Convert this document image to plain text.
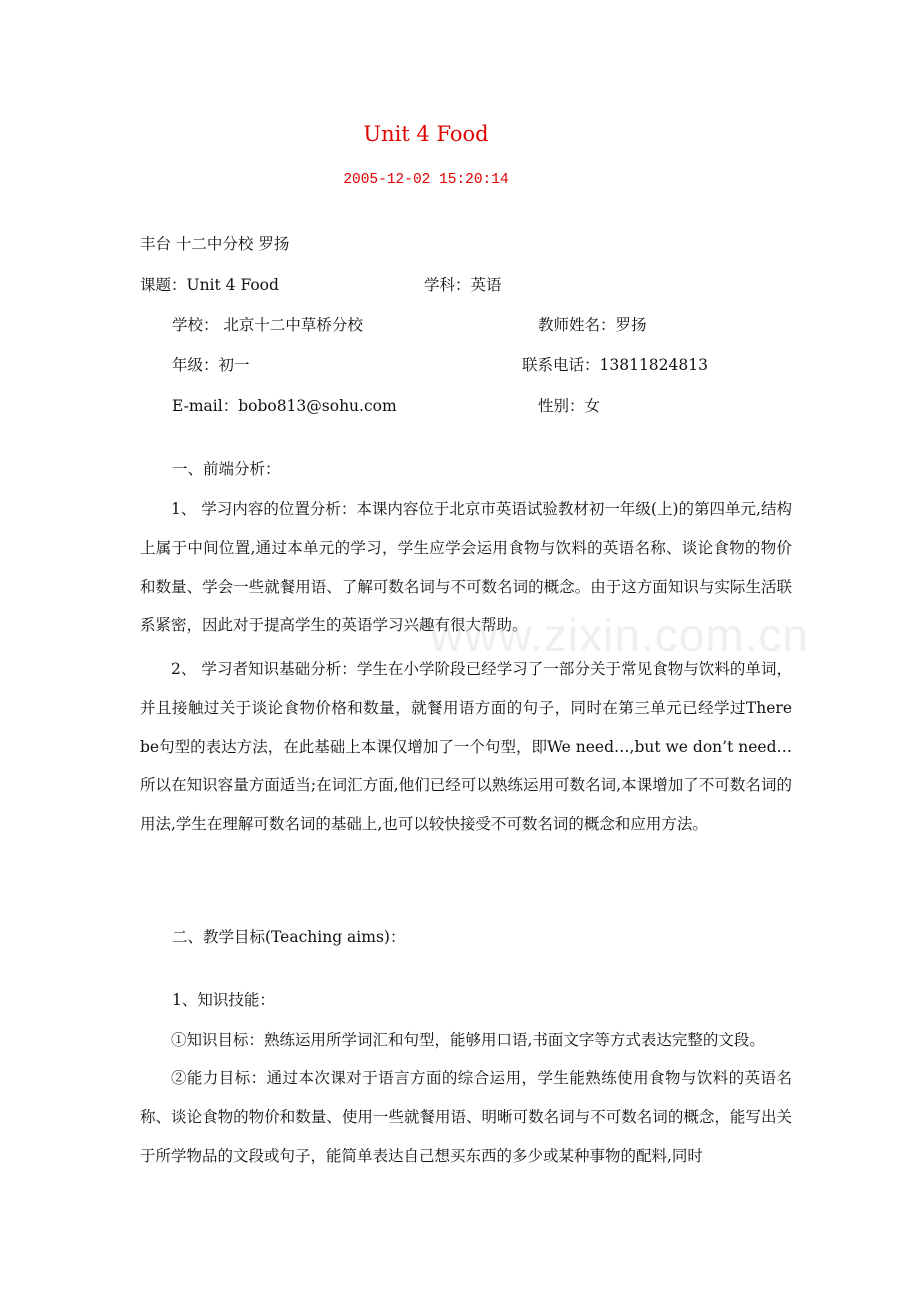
Unit 4 Food
2005-12-02 15:20:14
丰台 十二中分校 罗扬
课题：Unit 4 Food	学科：英语
学校： 北京十二中草桥分校	教师姓名：罗扬
年级：初一	联系电话：13811824813
E-mail：bobo813@sohu.com	性别：女
一、前端分析：

1、 学习内容的位置分析：本课内容位于北京市英语试验教材初一年级(上)的第四单元,结构上属于中间位置,通过本单元的学习，学生应学会运用食物与饮料的英语名称、谈论食物的物价和数量、学会一些就餐用语、了解可数名词与不可数名词的概念。由于这方面知识与实际生活联系紧密，因此对于提高学生的英语学习兴趣有很大帮助。

2、 学习者知识基础分析：学生在小学阶段已经学习了一部分关于常见食物与饮料的单词，并且接触过关于谈论食物价格和数量，就餐用语方面的句子，同时在第三单元已经学过There be句型的表达方法，在此基础上本课仅增加了一个句型，即We need…,but we don’t need…所以在知识容量方面适当;在词汇方面,他们已经可以熟练运用可数名词,本课增加了不可数名词的用法,学生在理解可数名词的基础上,也可以较快接受不可数名词的概念和应用方法。

二、教学目标(Teaching aims)：
1、知识技能：

①知识目标：熟练运用所学词汇和句型，能够用口语,书面文字等方式表达完整的文段。

②能力目标：通过本次课对于语言方面的综合运用，学生能熟练使用食物与饮料的英语名称、谈论食物的物价和数量、使用一些就餐用语、明晰可数名词与不可数名词的概念，能写出关于所学物品的文段或句子，能简单表达自己想买东西的多少或某种事物的配料,同时

www.zixin.com.cn
